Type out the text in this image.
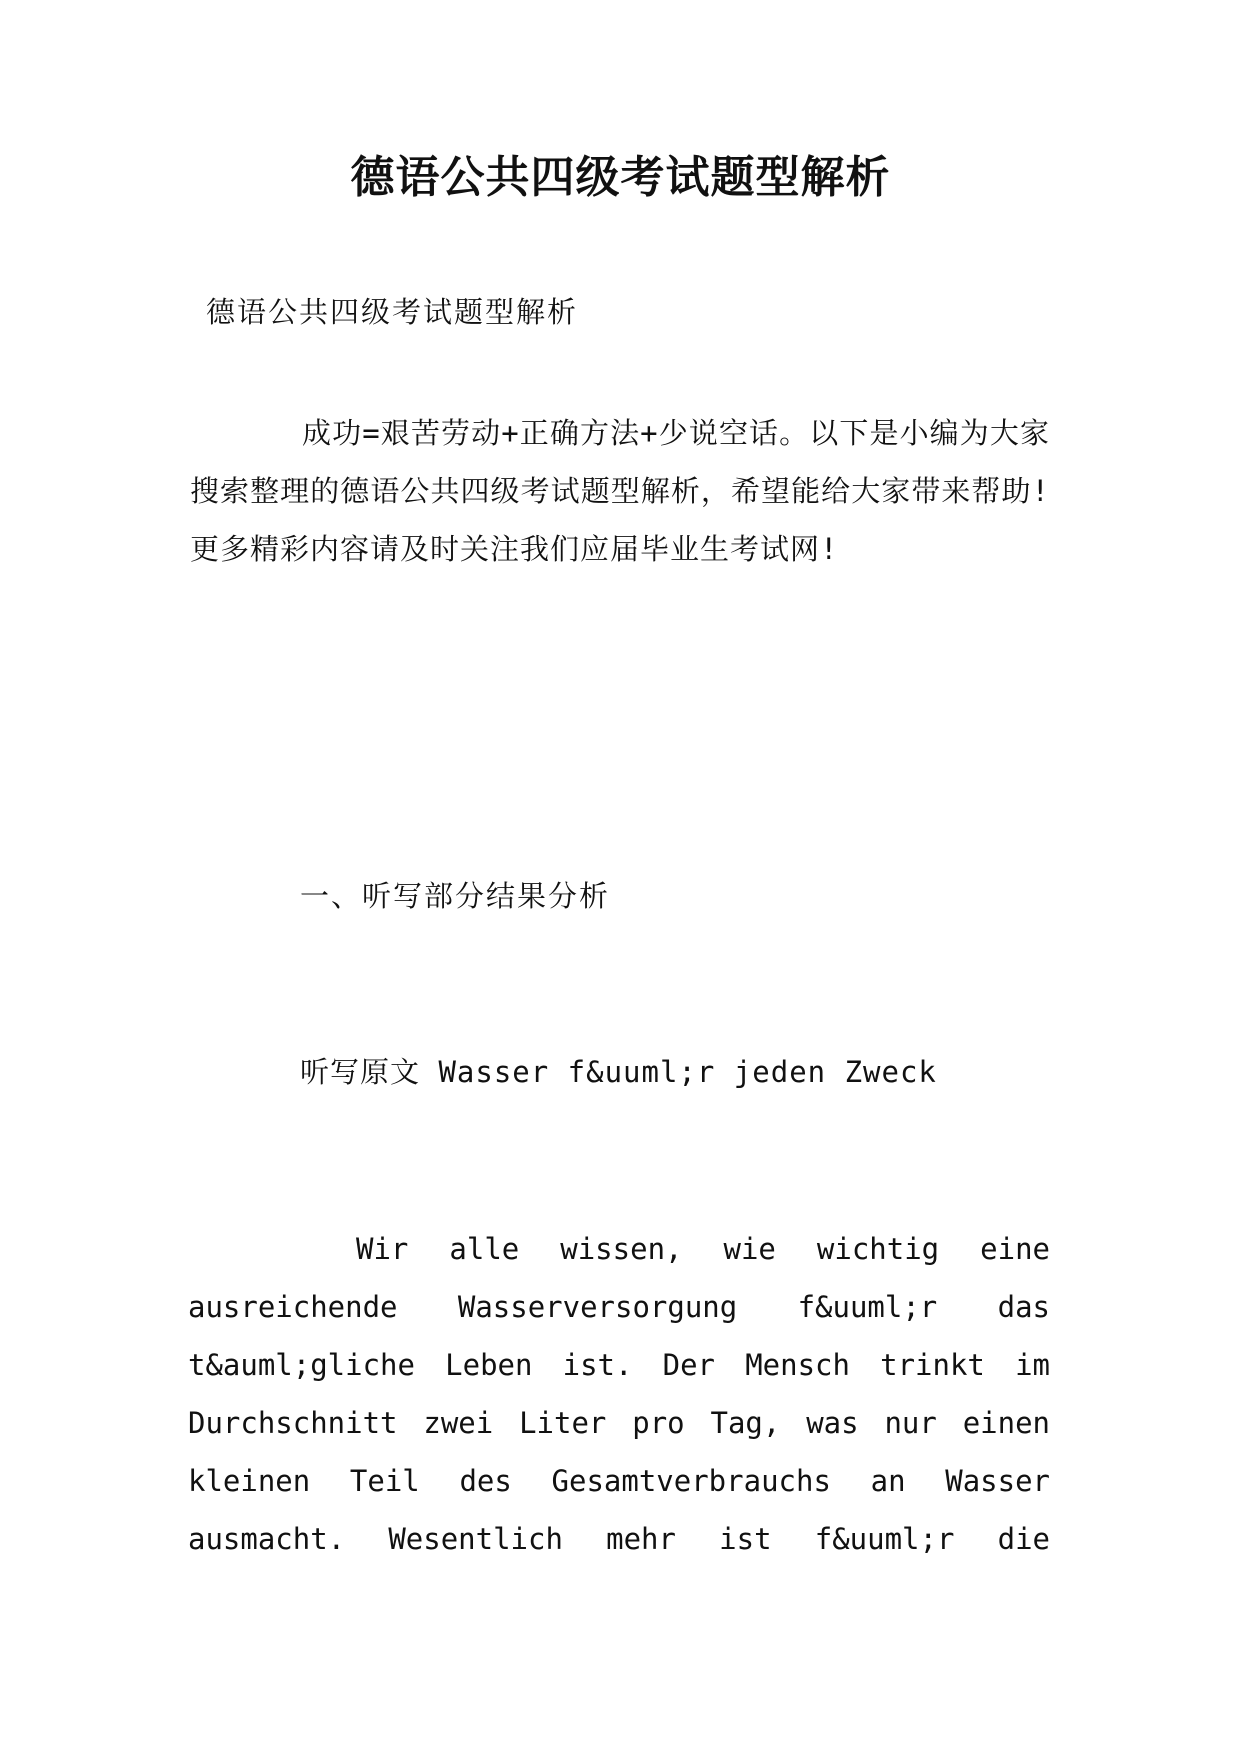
德语公共四级考试题型解析
德语公共四级考试题型解析
成功=艰苦劳动+正确方法+少说空话。以下是小编为大家搜索整理的德语公共四级考试题型解析，希望能给大家带来帮助!更多精彩内容请及时关注我们应届毕业生考试网!
一、听写部分结果分析
听写原文 Wasser f&uuml;r jeden Zweck
Wir alle wissen, wie wichtig eine ausreichende Wasserversorgung f&uuml;r das t&auml;gliche Leben ist. Der Mensch trinkt im Durchschnitt zwei Liter pro Tag, was nur einen kleinen Teil des Gesamtverbrauchs an Wasser ausmacht. Wesentlich mehr ist f&uuml;r die
